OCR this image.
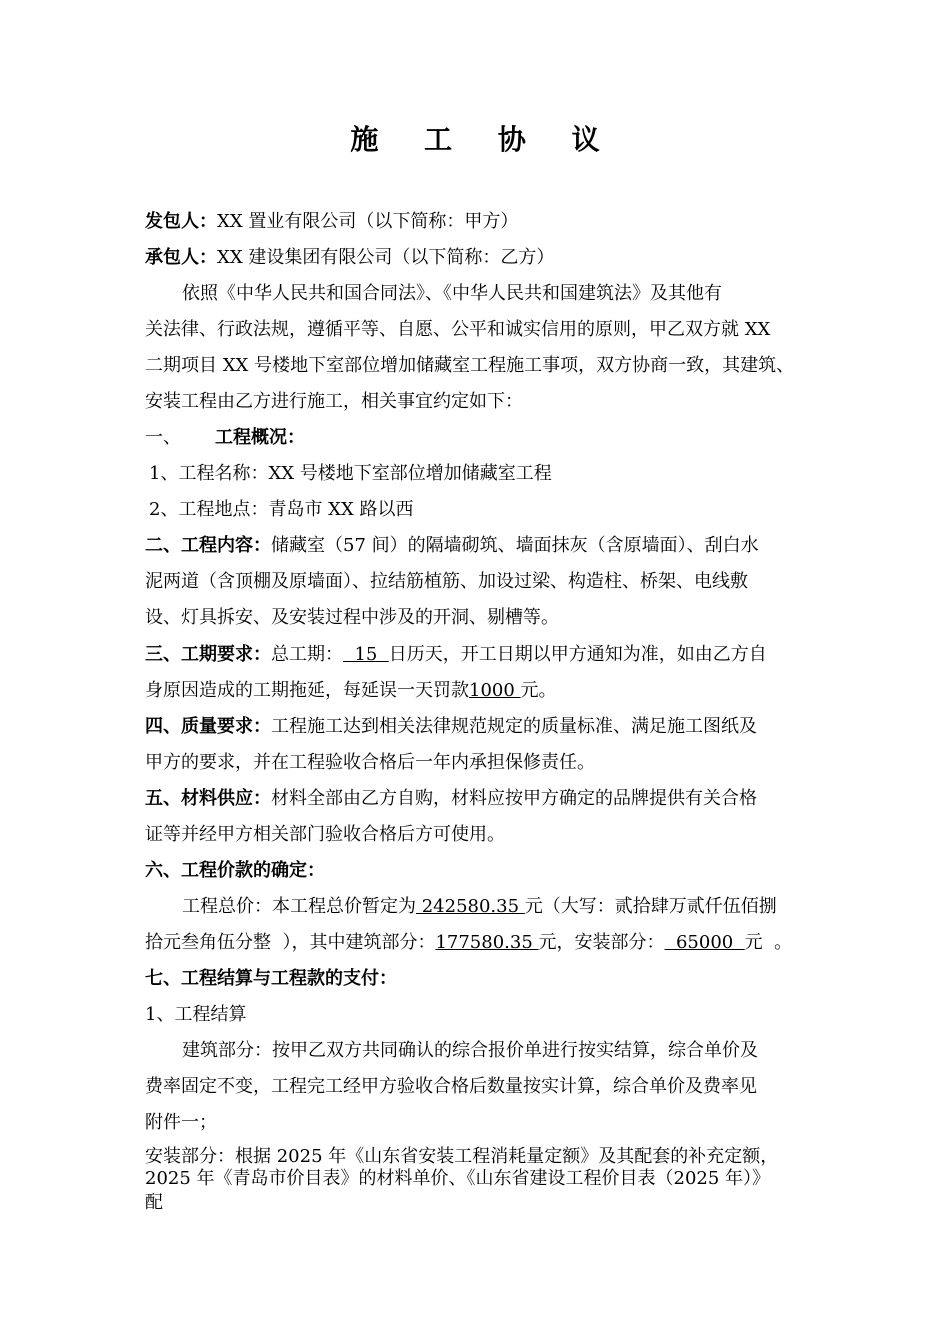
施 工 协 议
发包人：XX 置业有限公司（以下简称：甲方）
承包人：XX 建设集团有限公司（以下简称：乙方）
依照《中华人民共和国合同法》、《中华人民共和国建筑法》及其他有
关法律、行政法规，遵循平等、自愿、公平和诚实信用的原则，甲乙双方就 XX
二期项目 XX 号楼地下室部位增加储藏室工程施工事项，双方协商一致，其建筑、
安装工程由乙方进行施工，相关事宜约定如下：
一、 工程概况：
1、工程名称：XX 号楼地下室部位增加储藏室工程
2、工程地点：青岛市 XX 路以西
二、工程内容：储藏室（57 间）的隔墙砌筑、墙面抹灰（含原墙面）、刮白水
泥两道（含顶棚及原墙面）、拉结筋植筋、加设过梁、构造柱、桥架、电线敷
设、灯具拆安、及安装过程中涉及的开洞、剔槽等。
三、工期要求：总工期：  15  日历天，开工日期以甲方通知为准，如由乙方自
身原因造成的工期拖延，每延误一天罚款1000 元。
四、质量要求：工程施工达到相关法律规范规定的质量标准、满足施工图纸及
甲方的要求，并在工程验收合格后一年内承担保修责任。
五、材料供应：材料全部由乙方自购，材料应按甲方确定的品牌提供有关合格
证等并经甲方相关部门验收合格后方可使用。
六、工程价款的确定：
工程总价：本工程总价暂定为 242580.35 元（大写：贰拾肆万贰仟伍佰捌
拾元叁角伍分整  ），其中建筑部分：177580.35 元，安装部分：  65000  元  。
七、工程结算与工程款的支付：
1、工程结算
建筑部分：按甲乙双方共同确认的综合报价单进行按实结算，综合单价及
费率固定不变，工程完工经甲方验收合格后数量按实计算，综合单价及费率见
附件一；
安装部分：根据 2025 年《山东省安装工程消耗量定额》及其配套的补充定额，
2025 年《青岛市价目表》的材料单价、《山东省建设工程价目表（2025 年）》
配
